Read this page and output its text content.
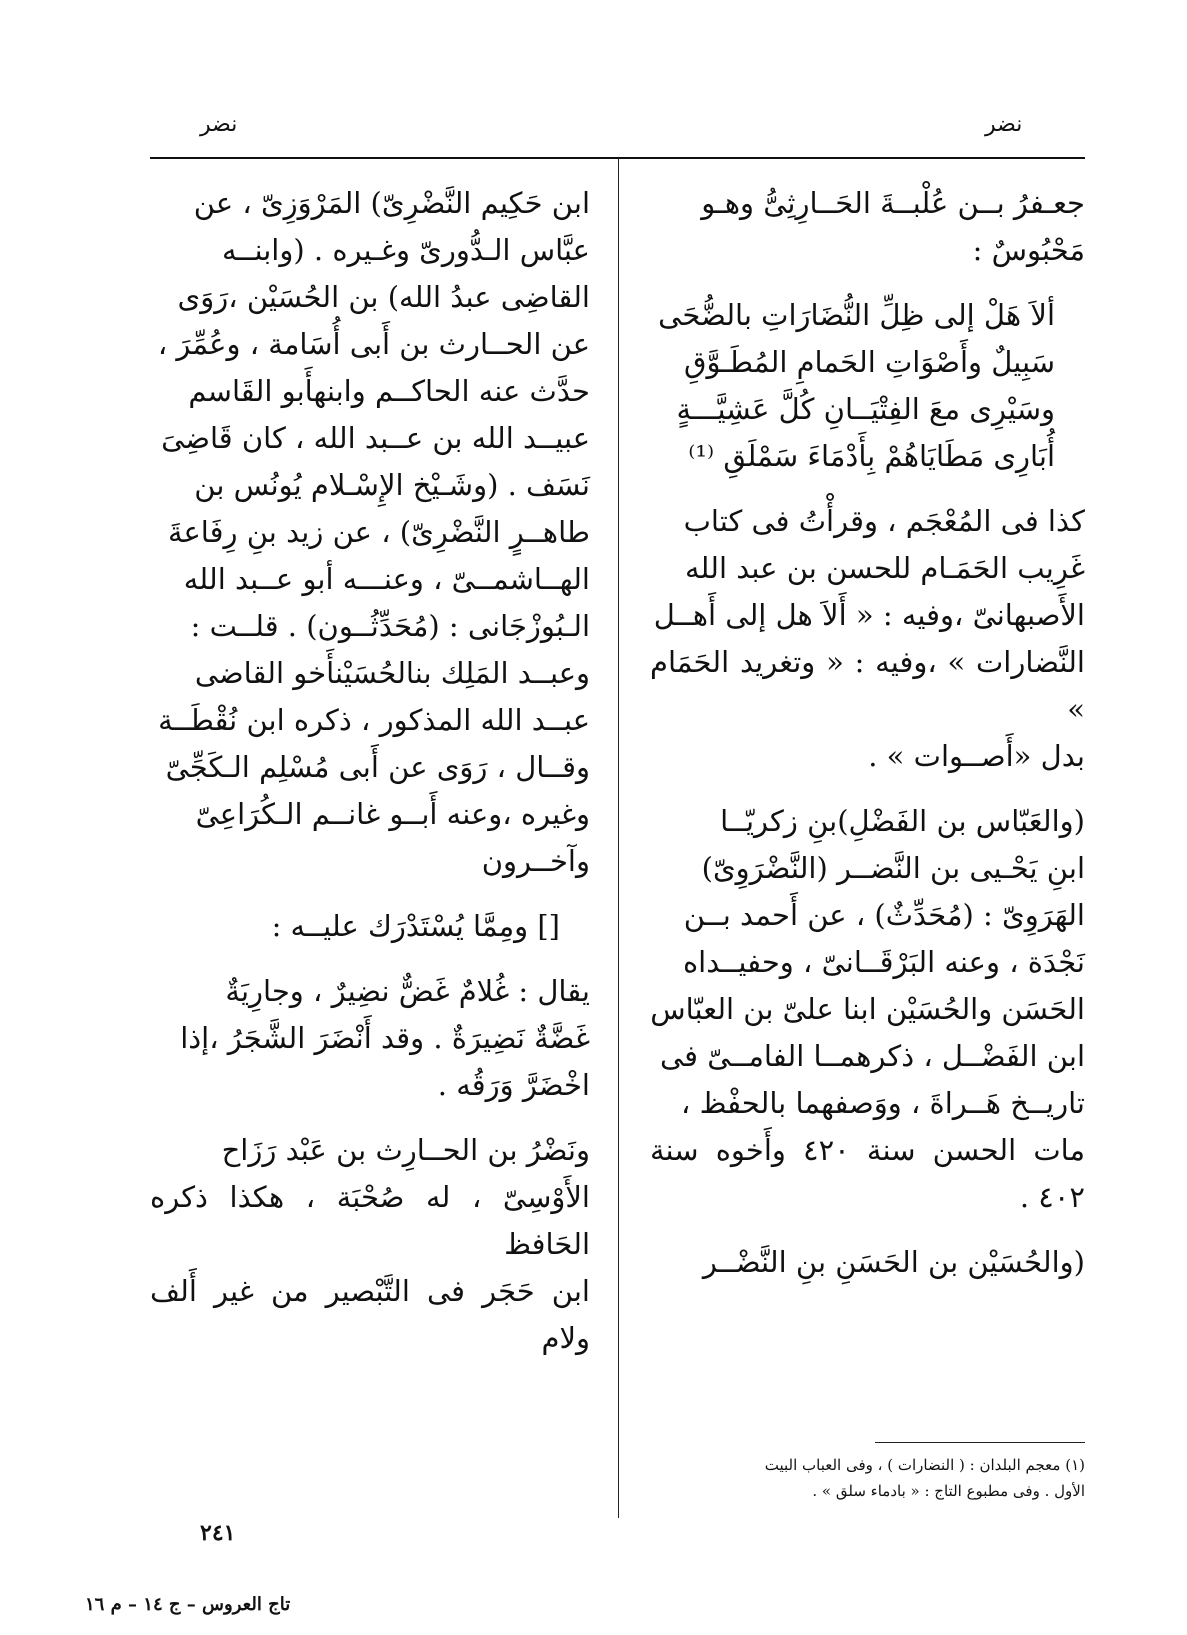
نضر
نضر

جعـفرُ بــن عُلْبــةَ الحَــارِثِىُّ وهـو
مَحْبُوسٌ :

ألاَ هَلْ إلى ظِلِّ النُّضَارَاتِ بالضُّحَى
سَبِيلٌ وأَصْوَاتِ الحَمامِ المُطَـوَّقِ
وسَيْرِى معَ الفِتْيَــانِ كُلَّ عَشِيَّـــةٍ
أُبَارِى مَطَايَاهُمْ بِأَدْمَاءَ سَمْلَقِ ⁽¹⁾

كذا فى المُعْجَم ، وقرأْتُ فى كتاب
غَرِيب الحَمَـام للحسن بن عبد الله
الأَصبهانىّ ،وفيه : « أَلاَ هل إلى أَهــل
النَّضارات » ،وفيه : « وتغريد الحَمَام »
بدل «أَصــوات » .

(والعَبّاس بن الفَضْلِ)بنِ زكريّــا
ابنِ يَحْـيى بن النَّضــر (النَّضْرَوِىّ)
الهَرَوِىّ : (مُحَدِّثٌ) ، عن أَحمد بــن
نَجْدَة ، وعنه البَرْقَــانىّ ، وحفيــداه
الحَسَن والحُسَيْن ابنا علىّ بن العبّاس
ابن الفَضْــل ، ذكرهمــا الفامــىّ فى
تاريــخ هَــراةَ ، ووَصفهما بالحفْظ ،
مات الحسن سنة ٤٢٠ وأَخوه سنة ٤٠٢ .

(والحُسَيْن بن الحَسَنِ بنِ النَّضْــر

(١) معجم البلدان : ( النضارات ) ، وفى العباب البيت
الأول . وفى مطبوع التاج : « بادماء سلق » .

ابن حَكِيم النَّضْرِىّ) المَرْوَزِىّ ، عن
عبَّاس الـدُّورىّ وغـيره . (وابنــه
القاضِى عبدُ الله) بن الحُسَيْن ،رَوَى
عن الحــارث بن أَبى أُسَامة ، وعُمِّرَ ،
حدَّث عنه الحاكــم وابنهأَبو القَاسم
عبيــد الله بن عــبد الله ، كان قَاضِىَ
نَسَف . (وشَـيْخ الإِسْـلام يُونُس بن
طاهــرٍ النَّضْرِىّ) ، عن زيد بنِ رِفَاعةَ
الهــاشمــىّ ، وعنـــه أبو عــبد الله
الـبُوزْجَانى : (مُحَدِّثُــون) . قلــت :
وعبــد المَلِك بنالحُسَيْنأَخو القاضى
عبــد الله المذكور ، ذكره ابن نُقْطَــة
وقــال ، رَوَى عن أَبى مُسْلِم الـكَجِّىّ
وغيره ،وعنه أَبــو غانــم الـكُرَاعِىّ
وآخــرون

[] ومِمَّا يُسْتَدْرَك عليــه :

يقال : غُلامٌ غَضٌّ نضِيرٌ ، وجارِيَةٌ
غَضَّةٌ نَضِيرَةٌ . وقد أَنْضَرَ الشَّجَرُ ،إذا
اخْضَرَّ وَرَقُه .

ونَضْرُ بن الحــارِث بن عَبْد رَزَاح
الأَوْسِىّ ، له صُحْبَة ، هكذا ذكره الحَافظ
ابن حَجَر فى التَّبْصير من غير أَلف ولام

٢٤١
تاج العروس – ج ١٤ – م ١٦
